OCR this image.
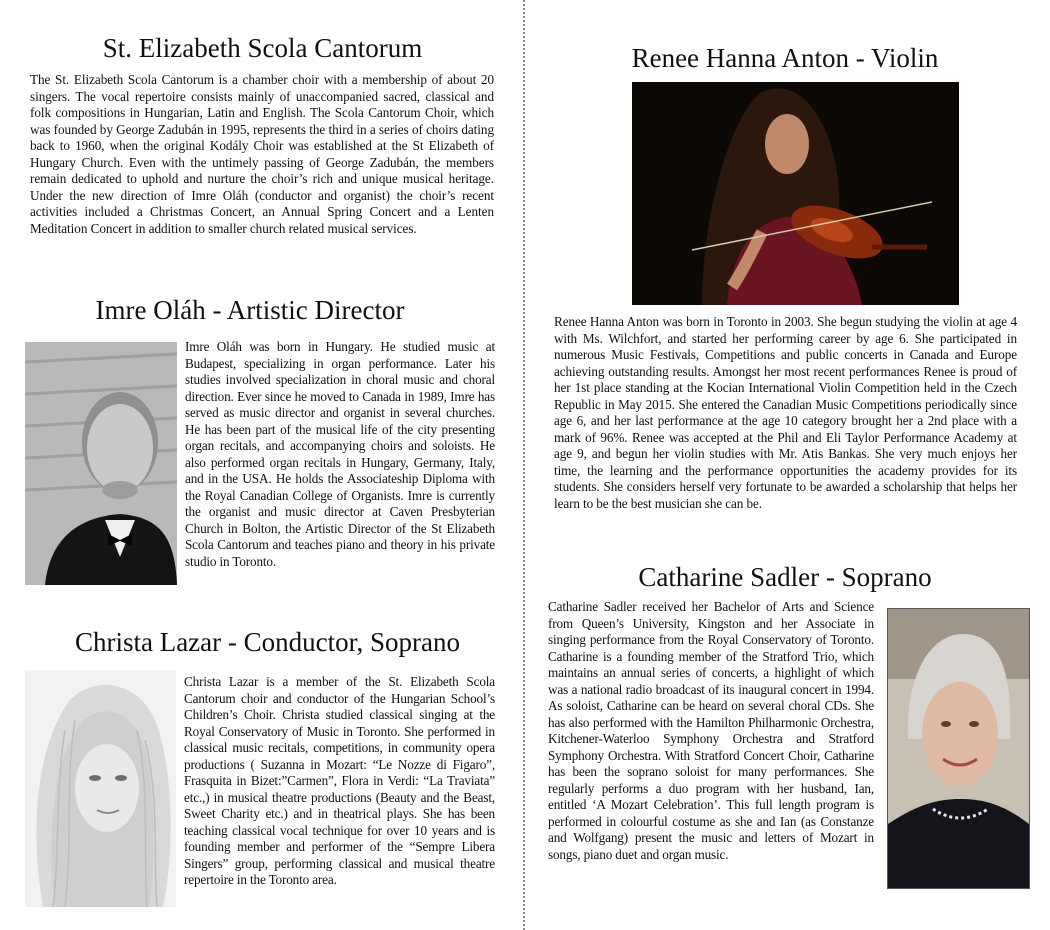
St. Elizabeth Scola Cantorum

The St. Elizabeth Scola Cantorum is a chamber choir with a membership of about 20 singers. The vocal repertoire consists mainly of unaccompanied sacred, classical and folk compositions in Hungarian, Latin and English. The Scola Cantorum Choir, which was founded by George Zadubán in 1995, represents the third in a series of choirs dating back to 1960, when the original Kodály Choir was established at the St Elizabeth of Hungary Church. Even with the untimely passing of George Zadubán, the members remain dedicated to uphold and nurture the choir’s rich and unique musical heritage. Under the new direction of Imre Oláh (conductor and organist) the choir’s recent activities included a Christmas Concert, an Annual Spring Concert and a Lenten Meditation Concert in addition to smaller church related musical services.

Imre Oláh - Artistic Director

Imre Oláh was born in Hungary. He studied music at Budapest, specializing in organ performance. Later his studies involved specialization in choral music and choral direction. Ever since he moved to Canada in 1989, Imre has served as music director and organist in several churches. He has been part of the musical life of the city presenting organ recitals, and accompanying choirs and soloists. He also performed organ recitals in Hungary, Germany, Italy, and in the USA. He holds the Associateship Diploma with the Royal Canadian College of Organists. Imre is currently the organist and music director at Caven Presbyterian Church in Bolton, the Artistic Director of the St Elizabeth Scola Cantorum and teaches piano and theory in his private studio in Toronto.

Christa Lazar - Conductor, Soprano

Christa Lazar is a member of the St. Elizabeth Scola Cantorum choir and conductor of the Hungarian School’s Children’s Choir. Christa studied classical singing at the Royal Conservatory of Music in Toronto. She performed in classical music recitals, competitions, in community opera productions ( Suzanna in Mozart: “Le Nozze di Figaro”, Frasquita in Bizet:”Carmen”, Flora in Verdi: “La Traviata” etc.,) in musical theatre productions (Beauty and the Beast, Sweet Charity etc.) and in theatrical plays. She has been teaching classical vocal technique for over 10 years and is founding member and performer of the “Sempre Libera Singers” group, performing classical and musical theatre repertoire in the Toronto area.

Renee Hanna Anton - Violin

Renee Hanna Anton was born in Toronto in 2003. She begun studying the violin at age 4 with Ms. Wilchfort, and started her performing career by age 6. She participated in numerous Music Festivals, Competitions and public concerts in Canada and Europe achieving outstanding results. Amongst her most recent performances Renee is proud of her 1st place standing at the Kocian International Violin Competition held in the Czech Republic in May 2015. She entered the Canadian Music Competitions periodically since age 6, and her last performance at the age 10 category brought her a 2nd place with a mark of 96%. Renee was accepted at the Phil and Eli Taylor Performance Academy at age 9, and begun her violin studies with Mr. Atis Bankas. She very much enjoys her time, the learning and the performance opportunities the academy provides for its students. She considers herself very fortunate to be awarded a scholarship that helps her learn to be the best musician she can be.

Catharine Sadler - Soprano

Catharine Sadler received her Bachelor of Arts and Science from Queen’s University, Kingston and her Associate in singing performance from the Royal Conservatory of Toronto. Catharine is a founding member of the Stratford Trio, which maintains an annual series of concerts, a highlight of which was a national radio broadcast of its inaugural concert in 1994. As soloist, Catharine can be heard on several choral CDs. She has also performed with the Hamilton Philharmonic Orchestra, Kitchener-Waterloo Symphony Orchestra and Stratford Symphony Orchestra. With Stratford Concert Choir, Catharine has been the soprano soloist for many performances. She regularly performs a duo program with her husband, Ian, entitled ‘A Mozart Celebration’. This full length program is performed in colourful costume as she and Ian (as Constanze and Wolfgang) present the music and letters of Mozart in songs, piano duet and organ music.
